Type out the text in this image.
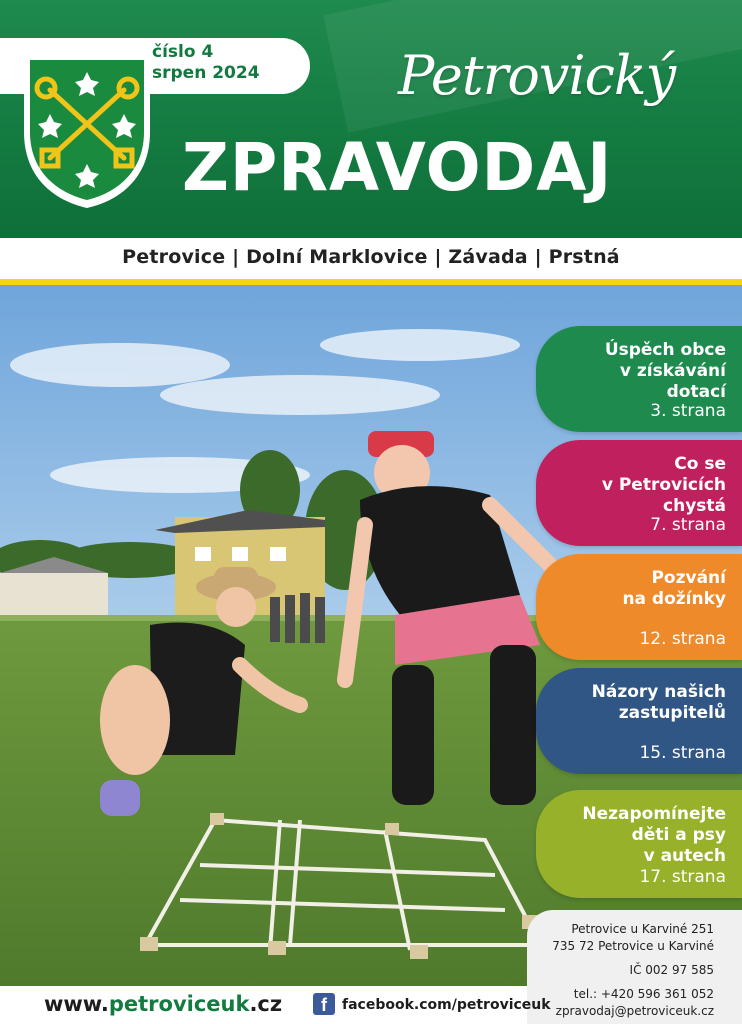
číslo 4
srpen 2024	Petrovický
ZPRAVODAJ
Petrovice | Dolní Marklovice | Závada | Prstná
Úspěch obce
v získávání
dotací
3. strana
Co se
v Petrovicích
chystá
7. strana
Pozvání
na dožínky
12. strana
Názory našich
zastupitelů
15. strana
Nezapomínejte
děti a psy
v autech
17. strana
Petrovice u Karviné 251
735 72 Petrovice u Karviné
IČ 002 97 585
tel.: +420 596 361 052
zpravodaj@petroviceuk.cz
www.petroviceuk.cz	f	facebook.com/petroviceuk
